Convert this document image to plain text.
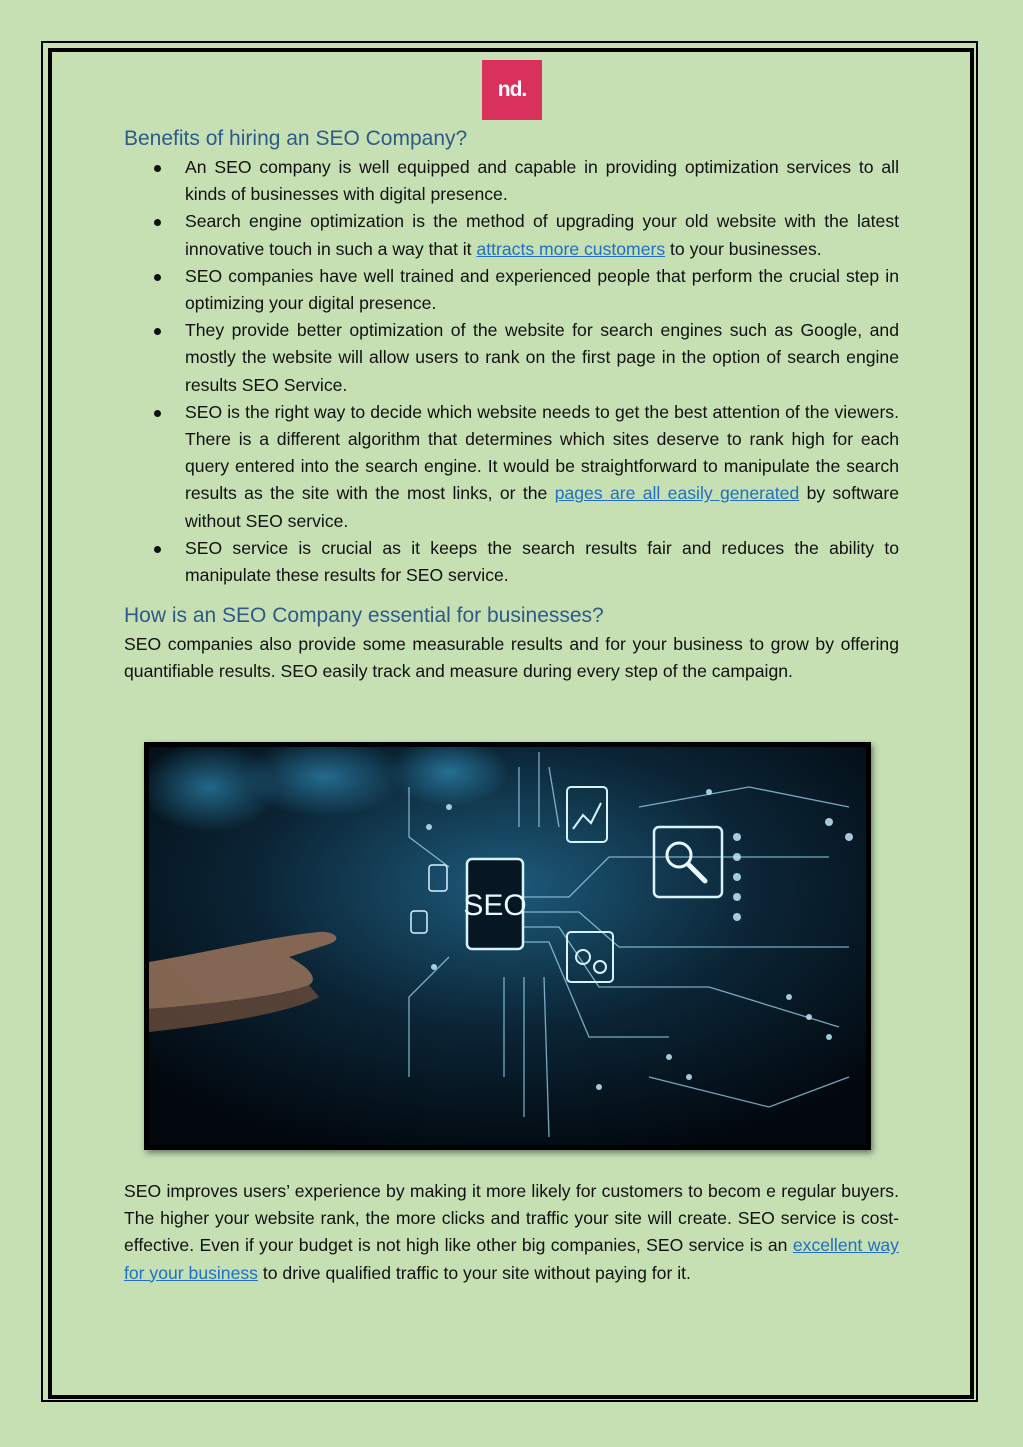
nd.
Benefits of hiring an SEO Company?
An SEO company is well equipped and capable in providing optimization services to all kinds of businesses with digital presence.
Search engine optimization is the method of upgrading your old website with the latest innovative touch in such a way that it attracts more customers to your businesses.
SEO companies have well trained and experienced people that perform the crucial step in optimizing your digital presence.
They provide better optimization of the website for search engines such as Google, and mostly the website will allow users to rank on the first page in the option of search engine results SEO Service.
SEO is the right way to decide which website needs to get the best attention of the viewers. There is a different algorithm that determines which sites deserve to rank high for each query entered into the search engine. It would be straightforward to manipulate the search results as the site with the most links, or the pages are all easily generated by software without SEO service.
SEO service is crucial as it keeps the search results fair and reduces the ability to manipulate these results for SEO service.
How is an SEO Company essential for businesses?

SEO companies also provide some measurable results and for your business to grow by offering quantifiable results. SEO easily track and measure during every step of the campaign.

SEO

SEO improves users’ experience by making it more likely for customers to becom e regular buyers. The higher your website rank, the more clicks and traffic your site will create. SEO service is cost-effective. Even if your budget is not high like other big companies, SEO service is an excellent way for your business to drive qualified traffic to your site without paying for it.
